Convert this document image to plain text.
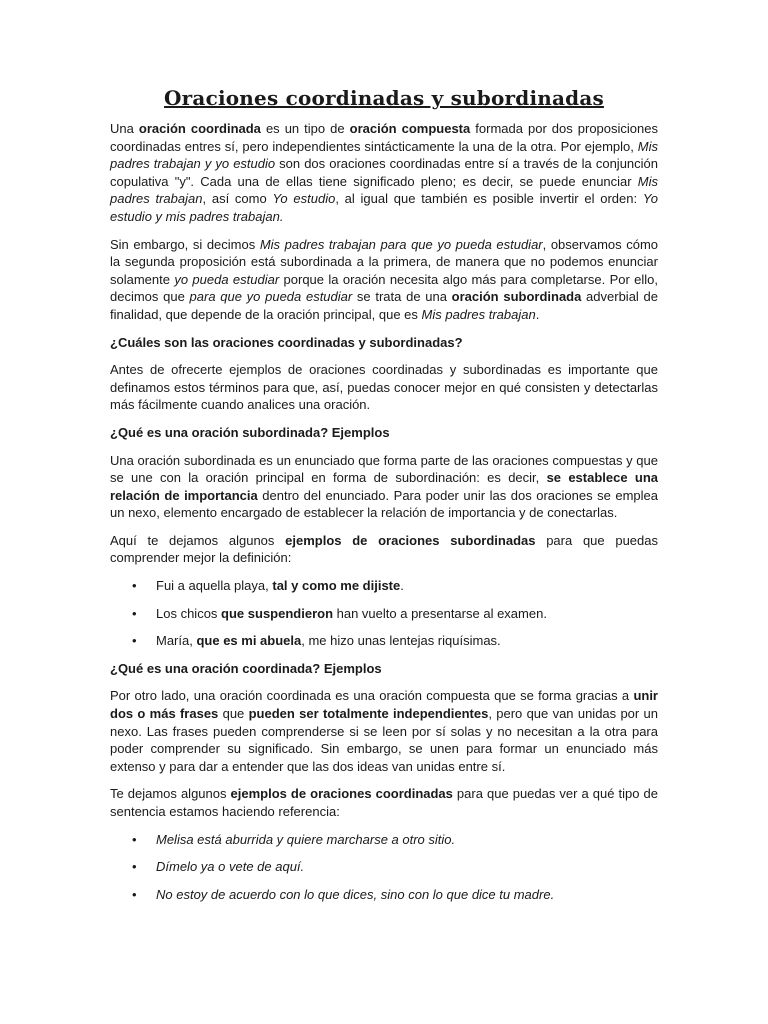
Oraciones coordinadas y subordinadas

Una oración coordinada es un tipo de oración compuesta formada por dos proposiciones coordinadas entres sí, pero independientes sintácticamente la una de la otra. Por ejemplo, Mis padres trabajan y yo estudio son dos oraciones coordinadas entre sí a través de la conjunción copulativa "y". Cada una de ellas tiene significado pleno; es decir, se puede enunciar Mis padres trabajan, así como Yo estudio, al igual que también es posible invertir el orden: Yo estudio y mis padres trabajan.

Sin embargo, si decimos Mis padres trabajan para que yo pueda estudiar, observamos cómo la segunda proposición está subordinada a la primera, de manera que no podemos enunciar solamente yo pueda estudiar porque la oración necesita algo más para completarse. Por ello, decimos que para que yo pueda estudiar se trata de una oración subordinada adverbial de finalidad, que depende de la oración principal, que es Mis padres trabajan.

¿Cuáles son las oraciones coordinadas y subordinadas?

Antes de ofrecerte ejemplos de oraciones coordinadas y subordinadas es importante que definamos estos términos para que, así, puedas conocer mejor en qué consisten y detectarlas más fácilmente cuando analices una oración.

¿Qué es una oración subordinada? Ejemplos

Una oración subordinada es un enunciado que forma parte de las oraciones compuestas y que se une con la oración principal en forma de subordinación: es decir, se establece una relación de importancia dentro del enunciado. Para poder unir las dos oraciones se emplea un nexo, elemento encargado de establecer la relación de importancia y de conectarlas.

Aquí te dejamos algunos ejemplos de oraciones subordinadas para que puedas comprender mejor la definición:

• Fui a aquella playa, tal y como me dijiste.
• Los chicos que suspendieron han vuelto a presentarse al examen.
• María, que es mi abuela, me hizo unas lentejas riquísimas.

¿Qué es una oración coordinada? Ejemplos

Por otro lado, una oración coordinada es una oración compuesta que se forma gracias a unir dos o más frases que pueden ser totalmente independientes, pero que van unidas por un nexo. Las frases pueden comprenderse si se leen por sí solas y no necesitan a la otra para poder comprender su significado. Sin embargo, se unen para formar un enunciado más extenso y para dar a entender que las dos ideas van unidas entre sí.

Te dejamos algunos ejemplos de oraciones coordinadas para que puedas ver a qué tipo de sentencia estamos haciendo referencia:

• Melisa está aburrida y quiere marcharse a otro sitio.
• Dímelo ya o vete de aquí.
• No estoy de acuerdo con lo que dices, sino con lo que dice tu madre.
